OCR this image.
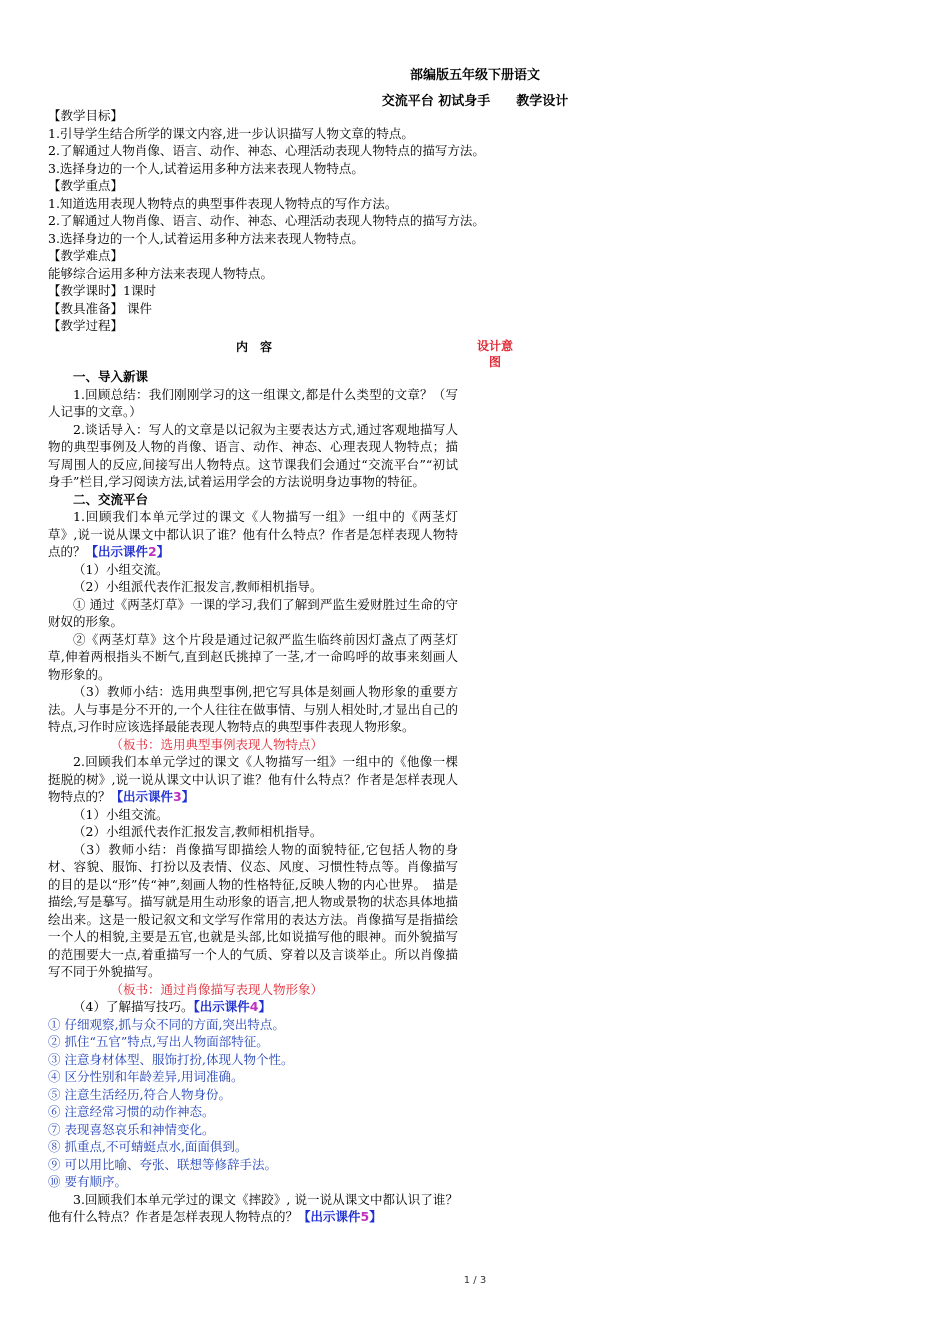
部编版五年级下册语文
交流平台 初试身手　　教学设计
【教学目标】
1.引导学生结合所学的课文内容,进一步认识描写人物文章的特点。
2.了解通过人物肖像、语言、动作、神态、心理活动表现人物特点的描写方法。
3.选择身边的一个人,试着运用多种方法来表现人物特点。
【教学重点】
1.知道选用表现人物特点的典型事件表现人物特点的写作方法。
2.了解通过人物肖像、语言、动作、神态、心理活动表现人物特点的描写方法。
3.选择身边的一个人,试着运用多种方法来表现人物特点。
【教学难点】
能够综合运用多种方法来表现人物特点。
【教学课时】1课时
【教具准备】 课件
【教学过程】
内　容	设计意图

一、导入新课

1.回顾总结：我们刚刚学习的这一组课文,都是什么类型的文章？（写人记事的文章。）

2.谈话导入：写人的文章是以记叙为主要表达方式,通过客观地描写人物的典型事例及人物的肖像、语言、动作、神态、心理表现人物特点；描写周围人的反应,间接写出人物特点。这节课我们会通过“交流平台”“初试身手”栏目,学习阅读方法,试着运用学会的方法说明身边事物的特征。

二、交流平台

1.回顾我们本单元学过的课文《人物描写一组》一组中的《两茎灯草》,说一说从课文中都认识了谁？他有什么特点？作者是怎样表现人物特点的？【出示课件2】

（1）小组交流。

（2）小组派代表作汇报发言,教师相机指导。

① 通过《两茎灯草》一课的学习,我们了解到严监生爱财胜过生命的守财奴的形象。

②《两茎灯草》这个片段是通过记叙严监生临终前因灯盏点了两茎灯草,伸着两根指头不断气,直到赵氏挑掉了一茎,才一命呜呼的故事来刻画人物形象的。

（3）教师小结：选用典型事例,把它写具体是刻画人物形象的重要方法。人与事是分不开的,一个人往往在做事情、与别人相处时,才显出自己的特点,习作时应该选择最能表现人物特点的典型事件表现人物形象。

（板书：选用典型事例表现人物特点）

2.回顾我们本单元学过的课文《人物描写一组》一组中的《他像一棵挺脱的树》,说一说从课文中认识了谁？他有什么特点？作者是怎样表现人物特点的？【出示课件3】

（1）小组交流。

（2）小组派代表作汇报发言,教师相机指导。

（3）教师小结：肖像描写即描绘人物的面貌特征,它包括人物的身材、容貌、服饰、打扮以及表情、仪态、风度、习惯性特点等。肖像描写的目的是以“形”传“神”,刻画人物的性格特征,反映人物的内心世界。　描是描绘,写是摹写。描写就是用生动形象的语言,把人物或景物的状态具体地描绘出来。这是一般记叙文和文学写作常用的表达方法。肖像描写是指描绘一个人的相貌,主要是五官,也就是头部,比如说描写他的眼神。而外貌描写的范围要大一点,着重描写一个人的气质、穿着以及言谈举止。所以肖像描写不同于外貌描写。

（板书：通过肖像描写表现人物形象）

（4）了解描写技巧。【出示课件4】

① 仔细观察,抓与众不同的方面,突出特点。

② 抓住“五官”特点,写出人物面部特征。

③ 注意身材体型、服饰打扮,体现人物个性。

④ 区分性别和年龄差异,用词准确。

⑤ 注意生活经历,符合人物身份。

⑥ 注意经常习惯的动作神态。

⑦ 表现喜怒哀乐和神情变化。

⑧ 抓重点,不可蜻蜓点水,面面俱到。

⑨ 可以用比喻、夸张、联想等修辞手法。

⑩ 要有顺序。

3.回顾我们本单元学过的课文《摔跤》, 说一说从课文中都认识了谁？他有什么特点？作者是怎样表现人物特点的？【出示课件5】

1 / 3
